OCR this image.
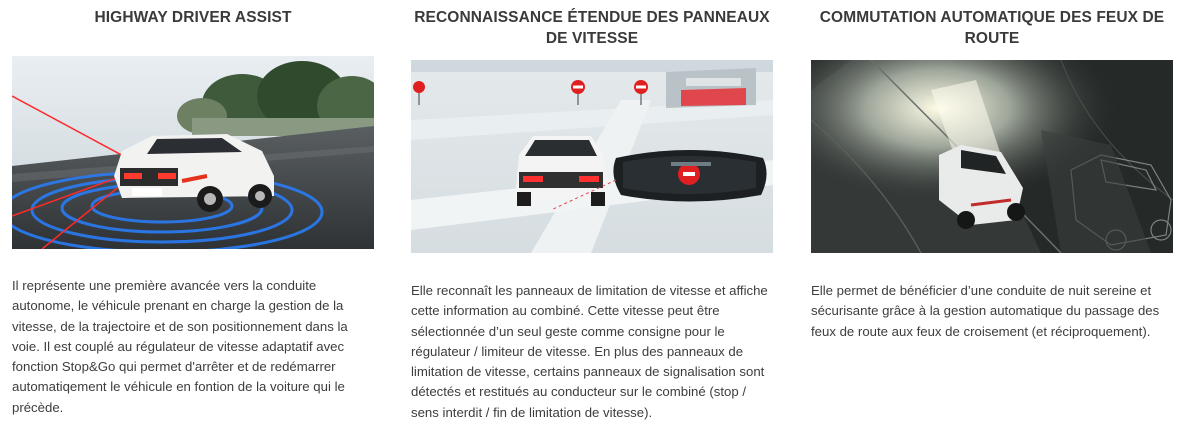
HIGHWAY DRIVER ASSIST

Il représente une première avancée vers la conduite autonome, le véhicule prenant en charge la gestion de la vitesse, de la trajectoire et de son positionnement dans la voie. Il est couplé au régulateur de vitesse adaptatif avec fonction Stop&Go qui permet d'arrêter et de redémarrer automatiqement le véhicule en fontion de la voiture qui le précède.

RECONNAISSANCE ÉTENDUE DES PANNEAUX DE VITESSE

Elle reconnaît les panneaux de limitation de vitesse et affiche cette information au combiné. Cette vitesse peut être sélectionnée d’un seul geste comme consigne pour le régulateur / limiteur de vitesse. En plus des panneaux de limitation de vitesse, certains panneaux de signalisation sont détectés et restitués au conducteur sur le combiné (stop / sens interdit / fin de limitation de vitesse).

COMMUTATION AUTOMATIQUE DES FEUX DE ROUTE

Elle permet de bénéficier d’une conduite de nuit sereine et sécurisante grâce à la gestion automatique du passage des feux de route aux feux de croisement (et réciproquement).
